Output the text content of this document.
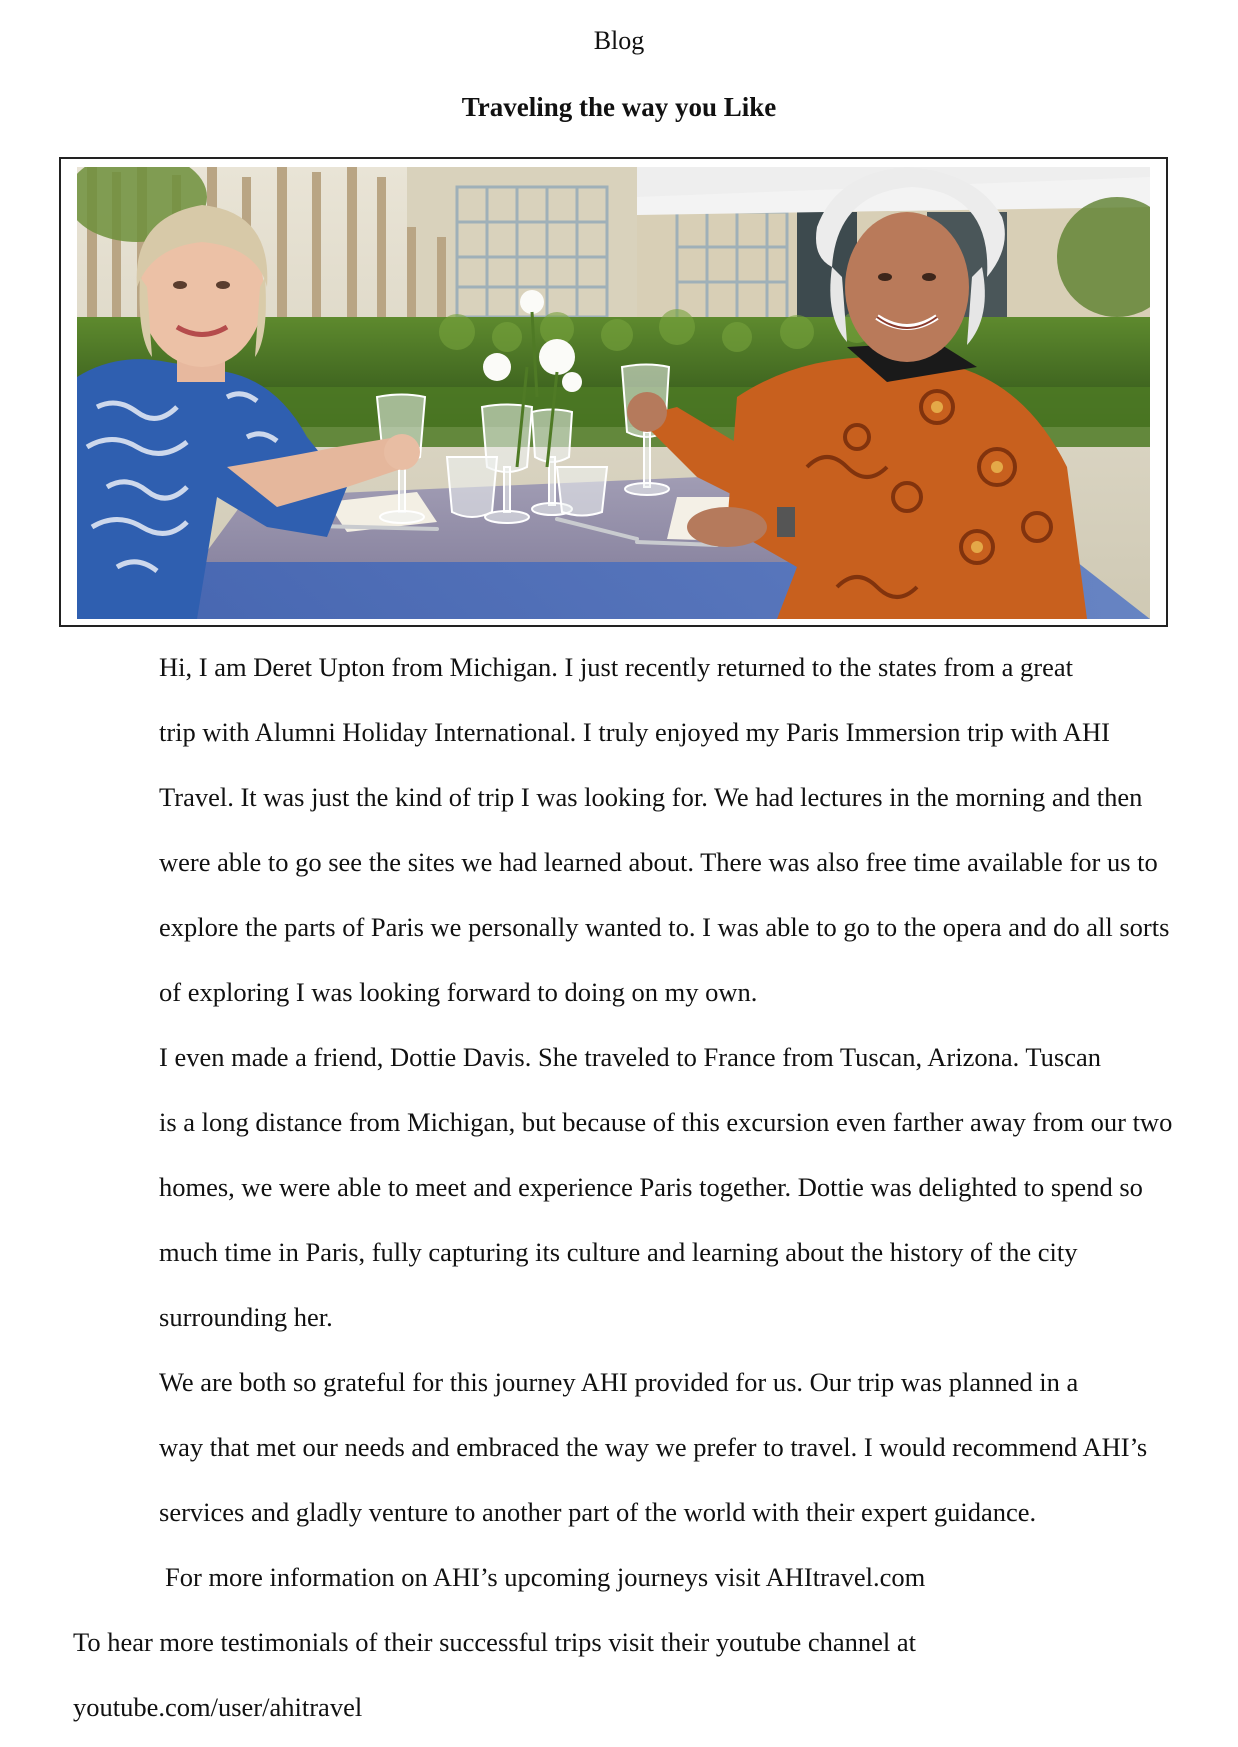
Blog
Traveling the way you Like

Hi, I am Deret Upton from Michigan. I just recently returned to the states from a great
trip with Alumni Holiday International. I truly enjoyed my Paris Immersion trip with AHI
Travel. It was just the kind of trip I was looking for. We had lectures in the morning and then
were able to go see the sites we had learned about. There was also free time available for us to
explore the parts of Paris we personally wanted to. I was able to go to the opera and do all sorts
of exploring I was looking forward to doing on my own.

I even made a friend, Dottie Davis. She traveled to France from Tuscan, Arizona. Tuscan
is a long distance from Michigan, but because of this excursion even farther away from our two
homes, we were able to meet and experience Paris together. Dottie was delighted to spend so
much time in Paris, fully capturing its culture and learning about the history of the city
surrounding her.

We are both so grateful for this journey AHI provided for us. Our trip was planned in a
way that met our needs and embraced the way we prefer to travel. I would recommend AHI’s
services and gladly venture to another part of the world with their expert guidance.

For more information on AHI’s upcoming journeys visit AHItravel.com
To hear more testimonials of their successful trips visit their youtube channel at
youtube.com/user/ahitravel
